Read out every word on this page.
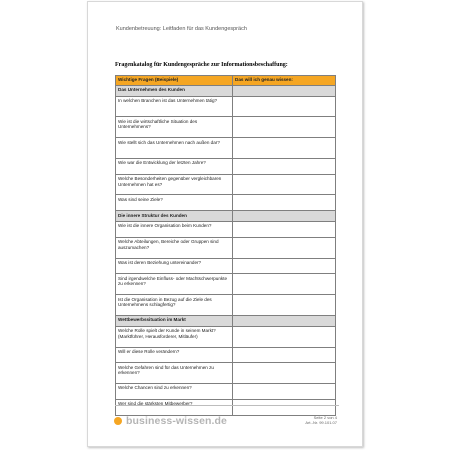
Kundenbetreuung: Leitfaden für das Kundengespräch
Fragenkatalog für Kundengespräche zur Informationsbeschaffung:
Wichtige Fragen (Beispiele)	Das will ich genau wissen:
Das Unternehmen des Kunden	
In welchen Branchen ist das Unternehmen tätig?	
Wie ist die wirtschaftliche Situation des Unternehmens?	
Wie stellt sich das Unternehmen nach außen dar?	
Wie war die Entwicklung der letzten Jahre?	
Welche Besonderheiten gegenüber vergleichbaren Unternehmen hat es?	
Was sind seine Ziele?	
Die innere Struktur des Kunden	
Wie ist die innere Organisation beim Kunden?	
Welche Abteilungen, Bereiche oder Gruppen sind auszumachen?	
Was ist deren Beziehung untereinander?	
Sind irgendwelche Einfluss- oder Machtschwerpunkte zu erkennen?	
Ist die Organisation in Bezug auf die Ziele des Unternehmens schlagfertig?	
Wettbewerbssituation im Markt	
Welche Rolle spielt der Kunde in seinem Markt? (Marktführer, Herausforderer, Mitläufer)	
Will er diese Rolle verändern?	
Welche Gefahren sind für das Unternehmen zu erkennen?	
Welche Chancen sind zu erkennen?	
Wer sind die stärksten Mitbewerber?	
business-wissen.de	Seite 2 von 4
Art.-Nr. 99.101.07
